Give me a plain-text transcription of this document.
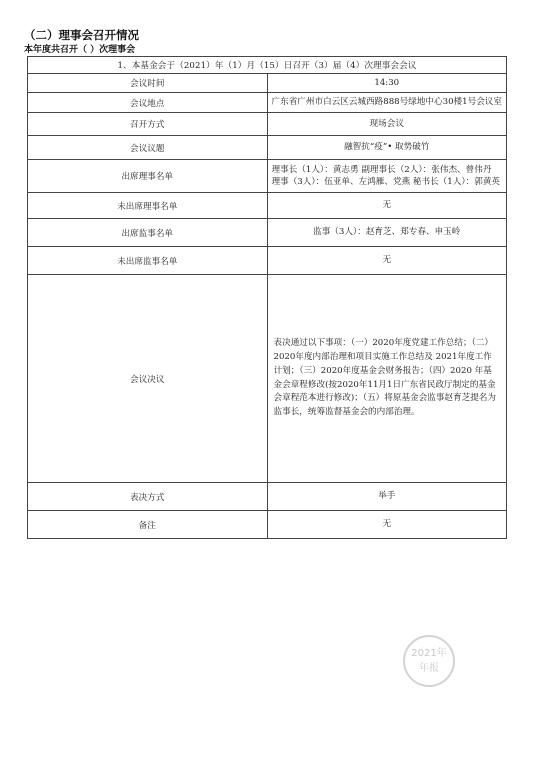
（二）理事会召开情况
本年度共召开（ ）次理事会
1、本基金会于（2021）年（1）月（15）日召开（3）届（4）次理事会会议	
会议时间	14:30
会议地点	广东省广州市白云区云城西路888号绿地中心30楼1号会议室
召开方式	现场会议
会议议题	融智抗“疫”• 取势破竹
出席理事名单	理事长（1人）：黄志勇 副理事长（2人）：张伟杰、曾伟丹 理事（3人）：伍亚单、左鸿雁、党燕 秘书长（1人）：郭黄英
未出席理事名单	无
出席监事名单	监事（3人）：赵育芝、郑专春、申玉岭
未出席监事名单	无
会议决议	表决通过以下事项：（一）2020年度党建工作总结；（二）2020年度内部治理和项目实施工作总结及 2021年度工作计划；（三）2020年度基金会财务报告；（四）2020 年基金会章程修改(按2020年11月1日广东省民政厅制定的基金会章程范本进行修改)；（五）将原基金会监事赵育芝提名为监事长，统筹监督基金会的内部治理。
表决方式	举手
备注	无
2021年
年报
